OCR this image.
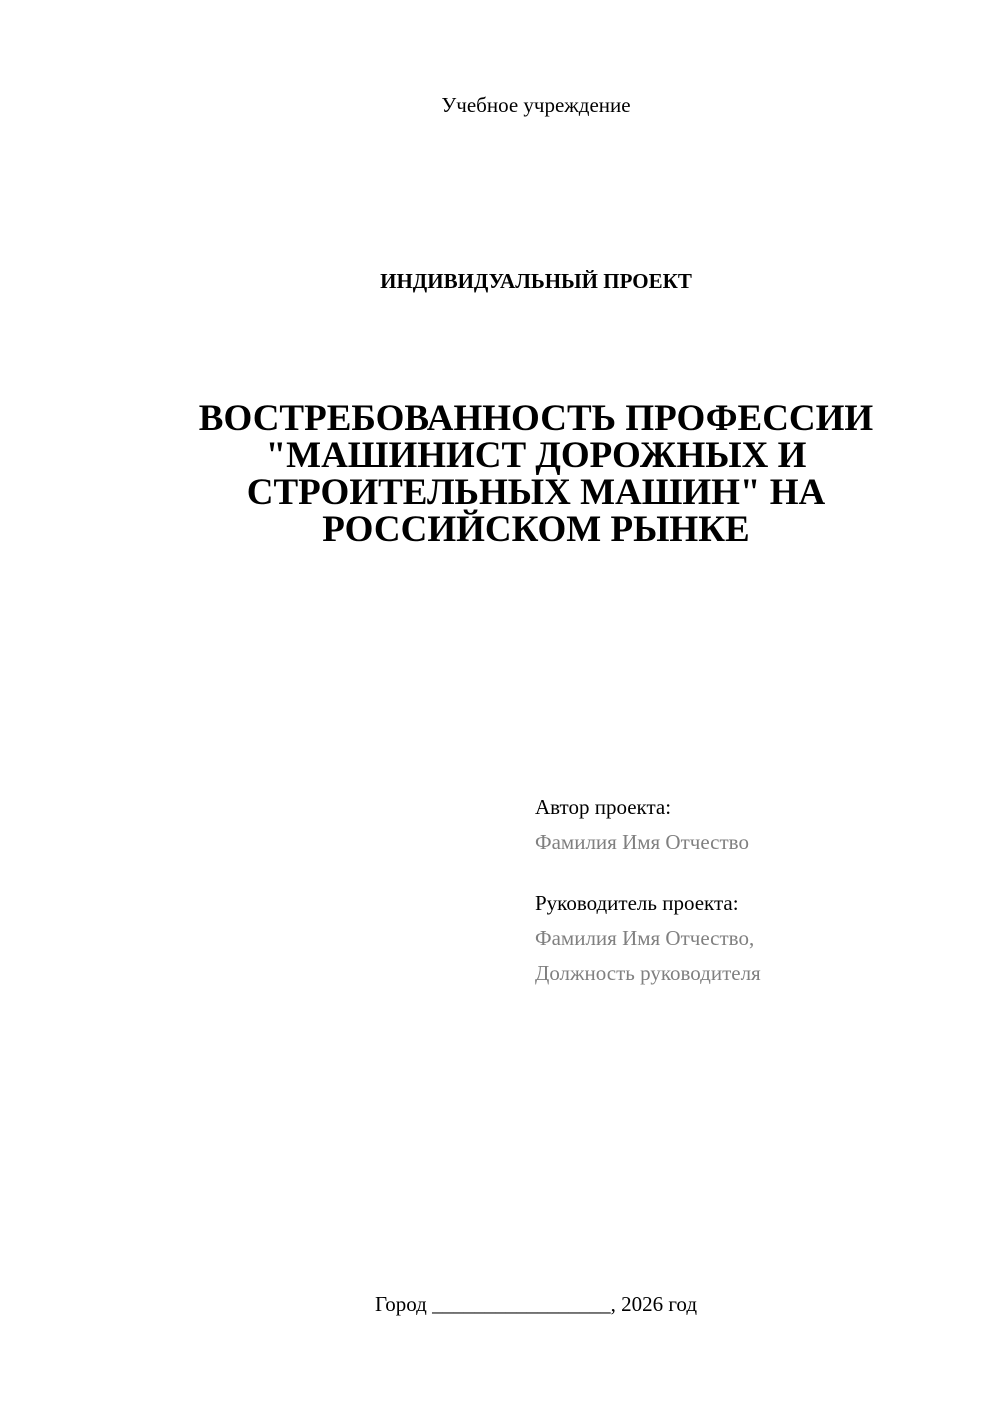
Учебное учреждение
ИНДИВИДУАЛЬНЫЙ ПРОЕКТ
ВОСТРЕБОВАННОСТЬ ПРОФЕССИИ
"МАШИНИСТ ДОРОЖНЫХ И
СТРОИТЕЛЬНЫХ МАШИН" НА
РОССИЙСКОМ РЫНКЕ
Автор проекта:
Фамилия Имя Отчество
Руководитель проекта:
Фамилия Имя Отчество,
Должность руководителя
Город _________________, 2026 год
